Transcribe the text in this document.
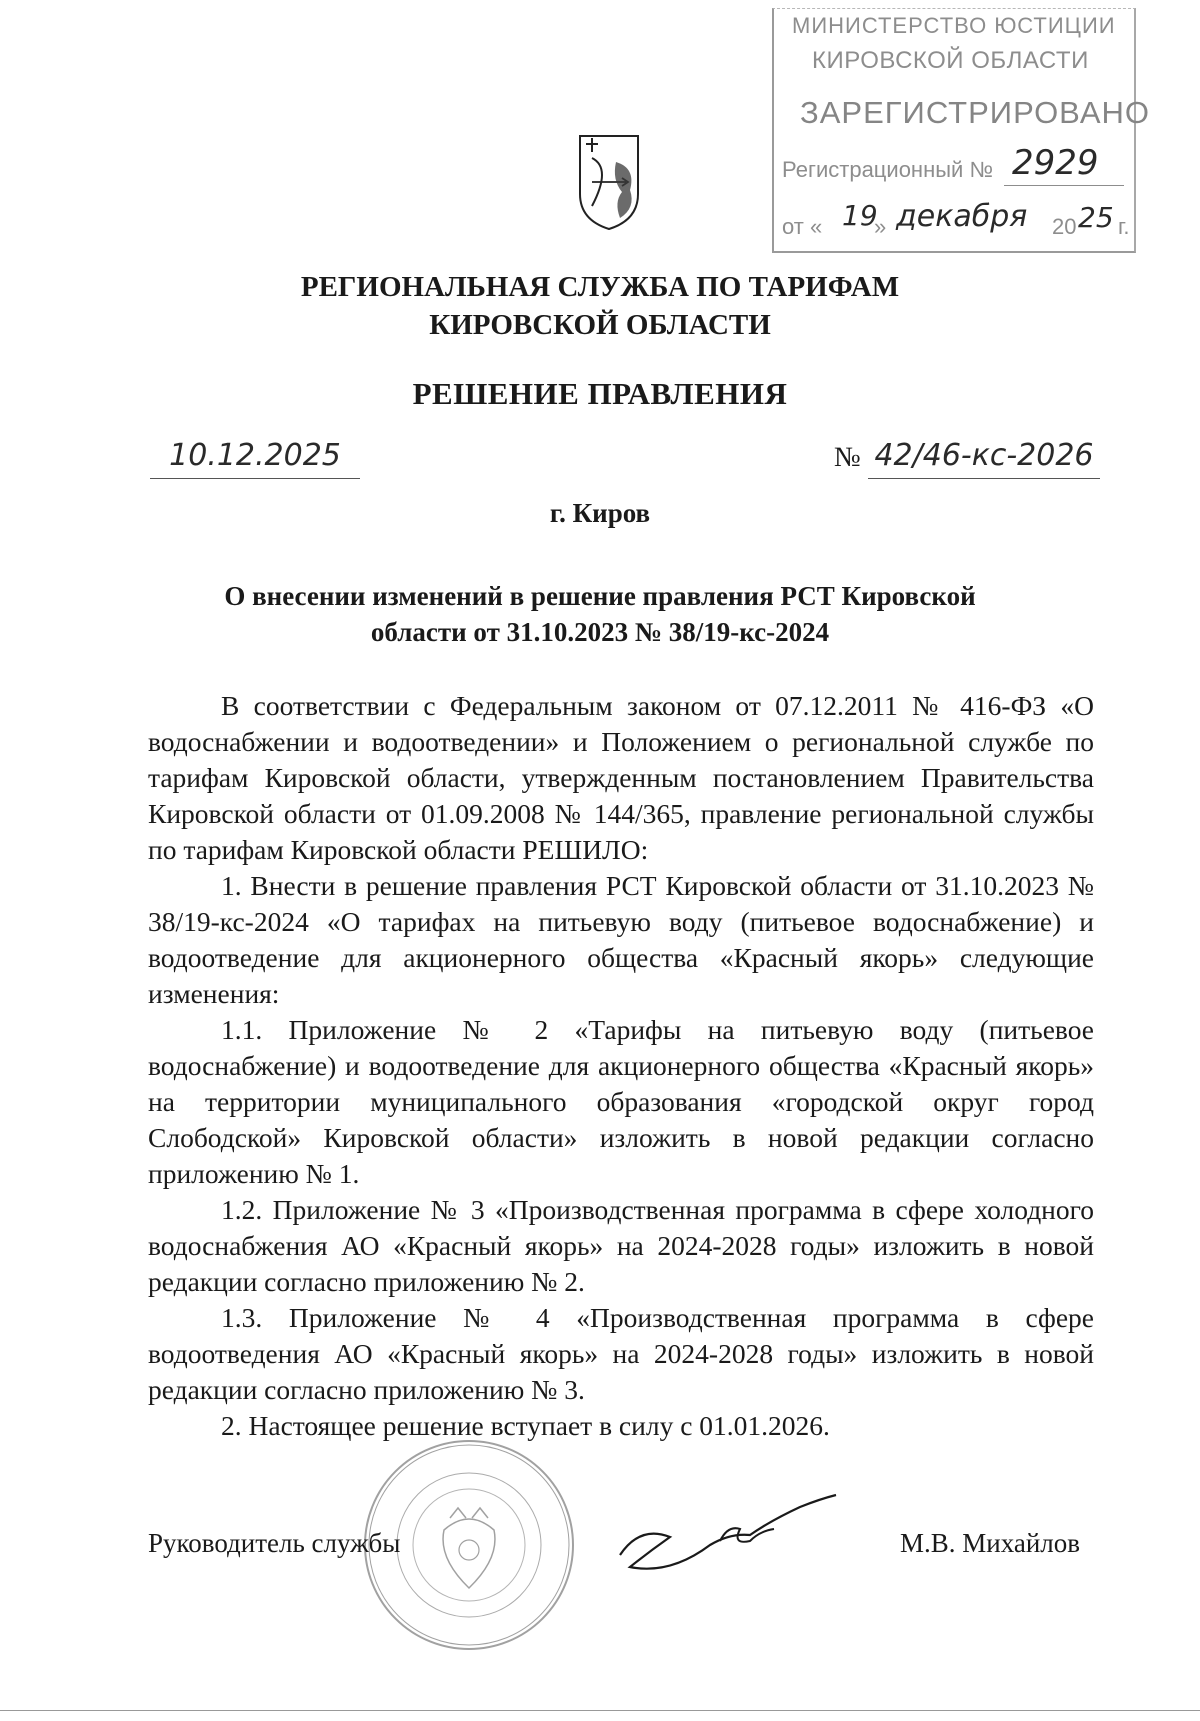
МИНИСТЕРСТВО ЮСТИЦИИ
КИРОВСКОЙ ОБЛАСТИ
ЗАРЕГИСТРИРОВАНО
Регистрационный № 2929
от « 19
» декабря 20 25 г.
РЕГИОНАЛЬНАЯ СЛУЖБА ПО ТАРИФАМ
КИРОВСКОЙ ОБЛАСТИ
РЕШЕНИЕ ПРАВЛЕНИЯ
10.12.2025	№ 42/46-кс-2026
г. Киров
О внесении изменений в решение правления РСТ Кировской
области от 31.10.2023 № 38/19-кс-2024

В соответствии с Федеральным законом от 07.12.2011 № 416-ФЗ «О водоснабжении и водоотведении» и Положением о региональной службе по тарифам Кировской области, утвержденным постановлением Правительства Кировской области от 01.09.2008 № 144/365, правление региональной службы по тарифам Кировской области РЕШИЛО:

1. Внести в решение правления РСТ Кировской области от 31.10.2023 № 38/19-кс-2024 «О тарифах на питьевую воду (питьевое водоснабжение) и водоотведение для акционерного общества «Красный якорь» следующие изменения:

1.1. Приложение № 2 «Тарифы на питьевую воду (питьевое водоснабжение) и водоотведение для акционерного общества «Красный якорь» на территории муниципального образования «городской округ город Слободской» Кировской области» изложить в новой редакции согласно приложению № 1.

1.2. Приложение № 3 «Производственная программа в сфере холодного водоснабжения АО «Красный якорь» на 2024-2028 годы» изложить в новой редакции согласно приложению № 2.

1.3. Приложение № 4 «Производственная программа в сфере водоотведения АО «Красный якорь» на 2024-2028 годы» изложить в новой редакции согласно приложению № 3.

2. Настоящее решение вступает в силу с 01.01.2026.

Руководитель службы	М.В. Михайлов
